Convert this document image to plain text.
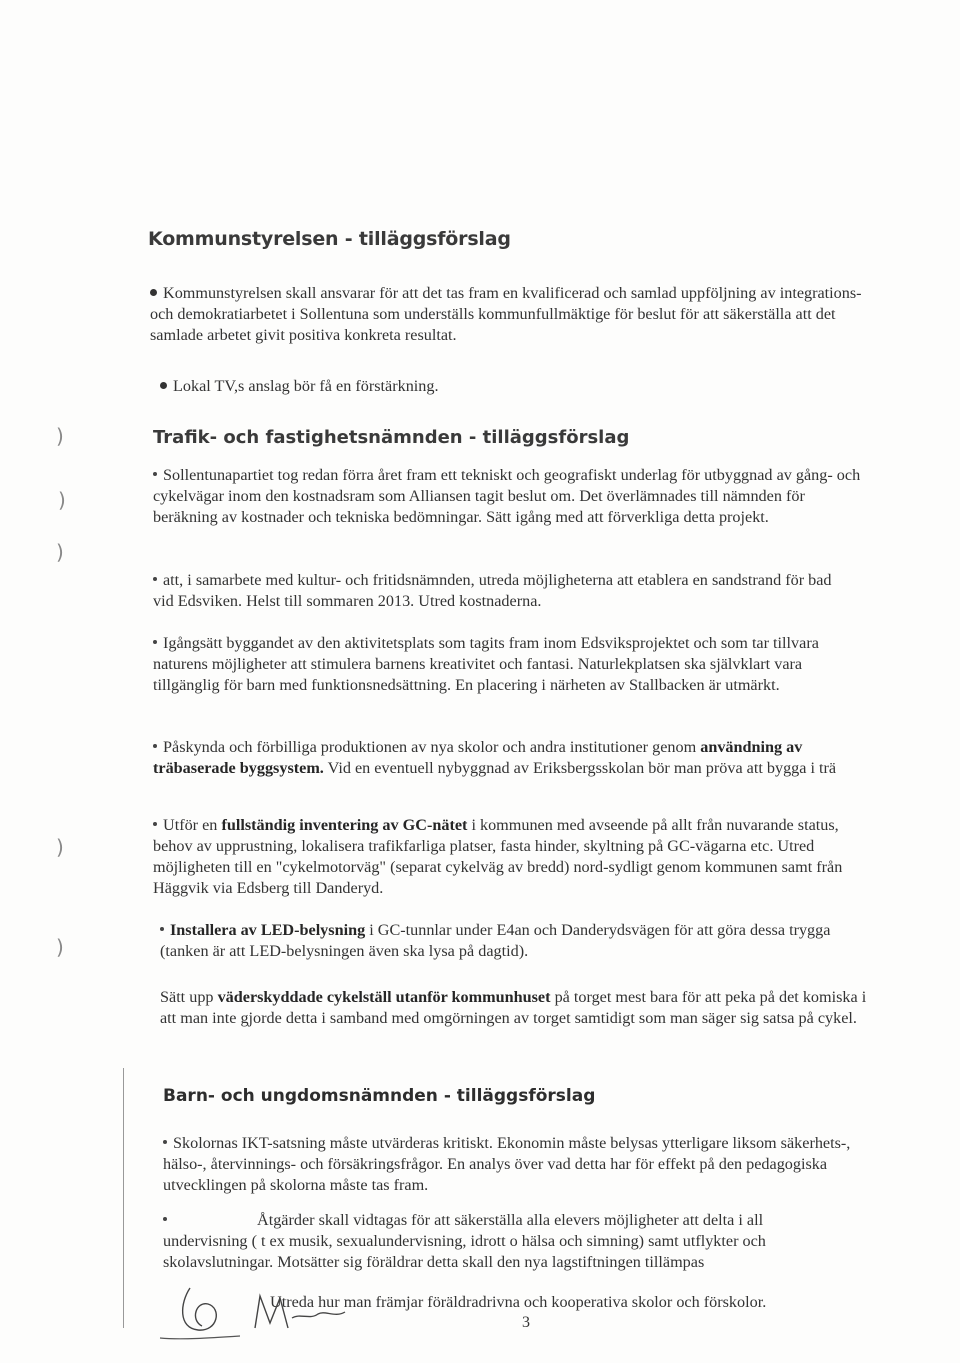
Kommunstyrelsen - tilläggsförslag

Kommunstyrelsen skall ansvarar för att det tas fram en kvalificerad och samlad uppföljning av integrations- och demokratiarbetet i Sollentuna som underställs kommunfullmäktige för beslut för att säkerställa att det samlade arbetet givit positiva konkreta resultat.

Lokal TV,s anslag bör få en förstärkning.

Trafik- och fastighetsnämnden - tilläggsförslag

Sollentunapartiet tog redan förra året fram ett tekniskt och geografiskt underlag för utbyggnad av gång- och cykelvägar inom den kostnadsram som Alliansen tagit beslut om. Det överlämnades till nämnden för beräkning av kostnader och tekniska bedömningar. Sätt igång med att förverkliga detta projekt.

att, i samarbete med kultur- och fritidsnämnden, utreda möjligheterna att etablera en sandstrand för bad vid Edsviken. Helst till sommaren 2013. Utred kostnaderna.

Igångsätt byggandet av den aktivitetsplats som tagits fram inom Edsviksprojektet och som tar tillvara naturens möjligheter att stimulera barnens kreativitet och fantasi. Naturlekplatsen ska självklart vara tillgänglig för barn med funktionsnedsättning. En placering i närheten av Stallbacken är utmärkt.

Påskynda och förbilliga produktionen av nya skolor och andra institutioner genom användning av träbaserade byggsystem. Vid en eventuell nybyggnad av Eriksbergsskolan bör man pröva att bygga i trä

Utför en fullständig inventering av GC-nätet i kommunen med avseende på allt från nuvarande status, behov av upprustning, lokalisera trafikfarliga platser, fasta hinder, skyltning på GC-vägarna etc. Utred möjligheten till en "cykelmotorväg" (separat cykelväg av bredd) nord-sydligt genom kommunen samt från Häggvik via Edsberg till Danderyd.

Installera av LED-belysning i GC-tunnlar under E4an och Danderydsvägen för att göra dessa trygga (tanken är att LED-belysningen även ska lysa på dagtid).

Sätt upp väderskyddade cykelställ utanför kommunhuset på torget mest bara för att peka på det komiska i att man inte gjorde detta i samband med omgörningen av torget samtidigt som man säger sig satsa på cykel.

Barn- och ungdomsnämnden - tilläggsförslag

Skolornas IKT-satsning måste utvärderas kritiskt. Ekonomin måste belysas ytterligare liksom säkerhets-, hälso-, återvinnings- och försäkringsfrågor. En analys över vad detta har för effekt på den pedagogiska utvecklingen på skolorna måste tas fram.

Åtgärder skall vidtagas för att säkerställa alla elevers möjligheter att delta i all
undervisning ( t ex musik, sexualundervisning, idrott o hälsa och simning) samt utflykter och skolavslutningar. Motsätter sig föräldrar detta skall den nya lagstiftningen tillämpas

Utreda hur man främjar föräldradrivna och kooperativa skolor och förskolor.

)
)
)
)
)
3
